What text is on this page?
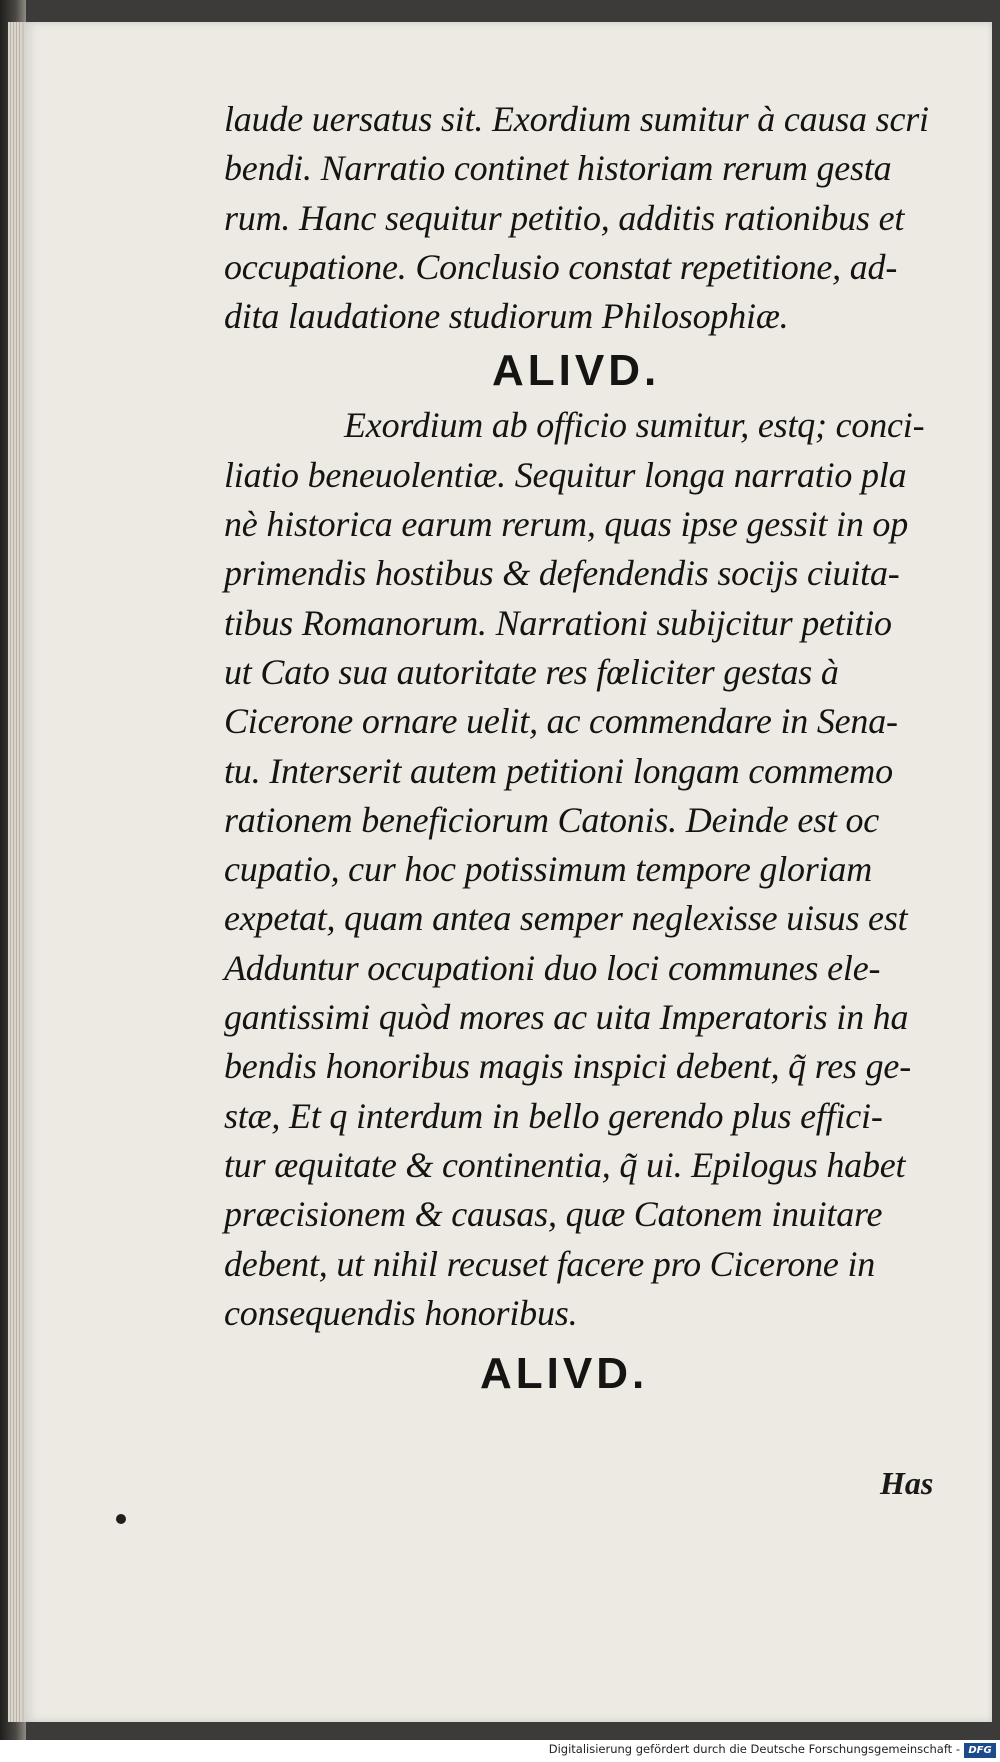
laude uersatus sit. Exordium sumitur à causa scri
bendi. Narratio continet historiam rerum gesta
rum. Hanc sequitur petitio, additis rationibus et
occupatione. Conclusio constat repetitione, ad-
dita laudatione studiorum Philosophiæ.
ALIVD.
Exordium ab officio sumitur, estq; conci-
liatio beneuolentiæ. Sequitur longa narratio pla
nè historica earum rerum, quas ipse gessit in op
primendis hostibus & defendendis socijs ciuita-
tibus Romanorum. Narrationi subijcitur petitio
ut Cato sua autoritate res fœliciter gestas à
Cicerone ornare uelit, ac commendare in Sena-
tu. Interserit autem petitioni longam commemo
rationem beneficiorum Catonis. Deinde est oc
cupatio, cur hoc potissimum tempore gloriam
expetat, quam antea semper neglexisse uisus est
Adduntur occupationi duo loci communes ele-
gantissimi quòd mores ac uita Imperatoris in ha
bendis honoribus magis inspici debent, q̃ res ge-
stæ, Et q interdum in bello gerendo plus effici-
tur æquitate & continentia, q̃ ui. Epilogus habet
præcisionem & causas, quæ Catonem inuitare
debent, ut nihil recuset facere pro Cicerone in
consequendis honoribus.
ALIVD.
Has
Digitalisierung gefördert durch die Deutsche Forschungsgemeinschaft - DFG
